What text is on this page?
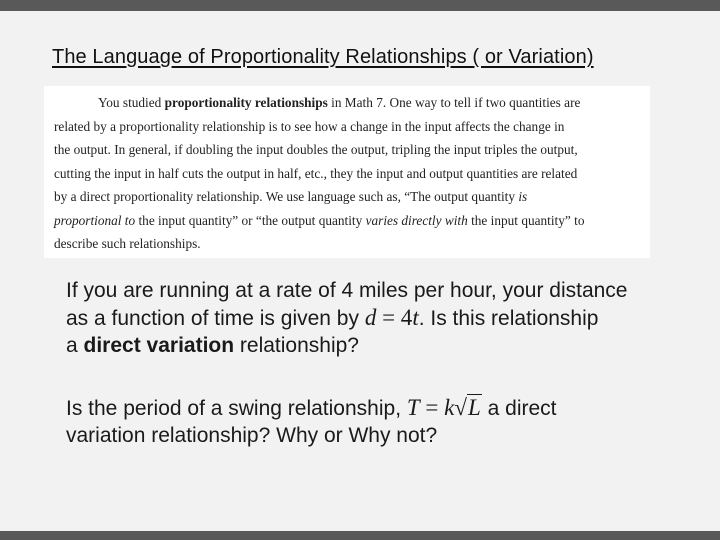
The Language of Proportionality Relationships ( or Variation)
You studied proportionality relationships in Math 7. One way to tell if two quantities are
related by a proportionality relationship is to see how a change in the input affects the change in
the output. In general, if doubling the input doubles the output, tripling the input triples the output,
cutting the input in half cuts the output in half, etc., they the input and output quantities are related
by a direct proportionality relationship. We use language such as, “The output quantity is
proportional to the input quantity” or “the output quantity varies directly with the input quantity” to
describe such relationships.
If you are running at a rate of 4 miles per hour, your distance
as a function of time is given by d = 4t. Is this relationship
a direct variation relationship?
Is the period of a swing relationship, T = k√L a direct
variation relationship? Why or Why not?
